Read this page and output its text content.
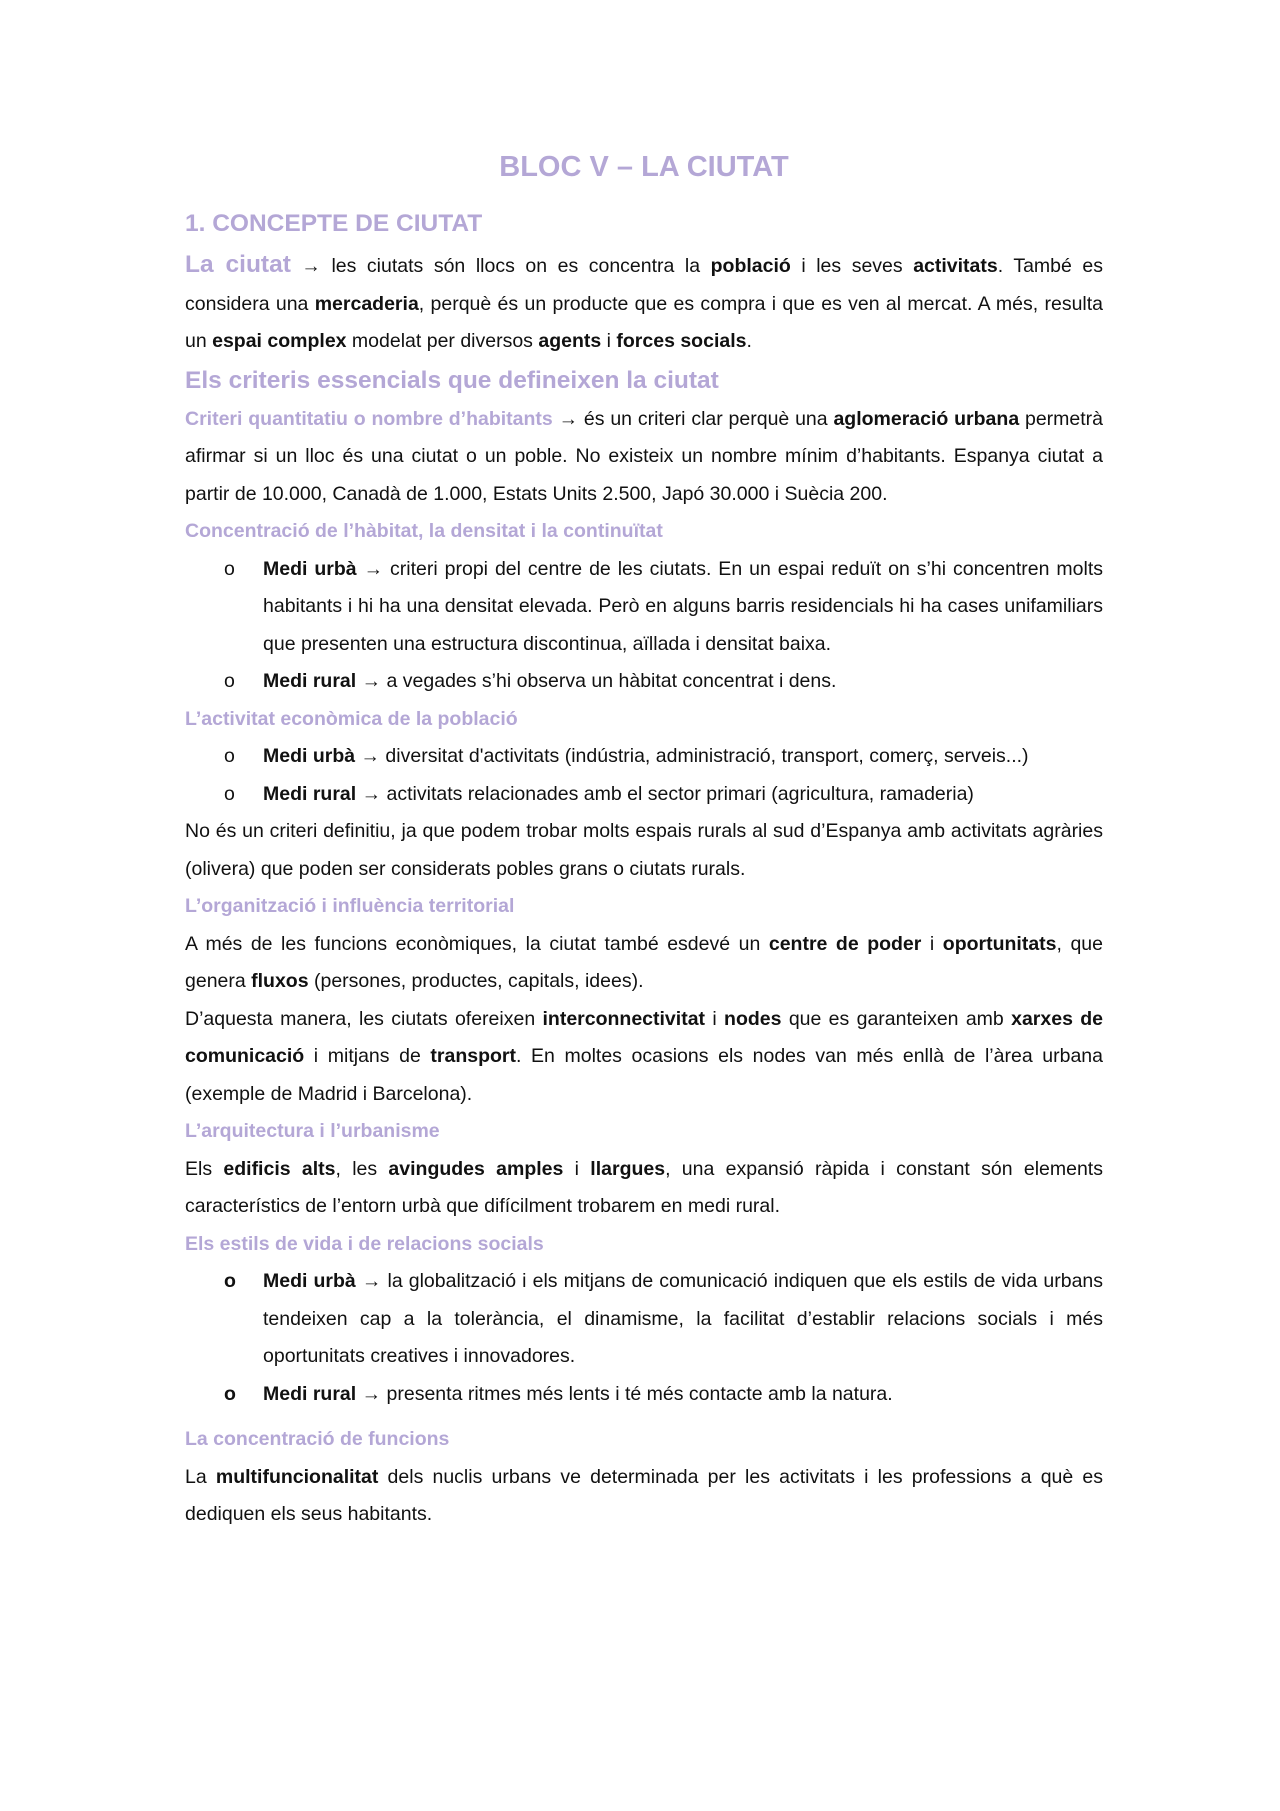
BLOC V – LA CIUTAT
1. CONCEPTE DE CIUTAT

La ciutat → les ciutats són llocs on es concentra la població i les seves activitats. També es considera una mercaderia, perquè és un producte que es compra i que es ven al mercat. A més, resulta un espai complex modelat per diversos agents i forces socials.

Els criteris essencials que defineixen la ciutat

Criteri quantitatiu o nombre d’habitants → és un criteri clar perquè una aglomeració urbana permetrà afirmar si un lloc és una ciutat o un poble. No existeix un nombre mínim d’habitants. Espanya ciutat a partir de 10.000, Canadà de 1.000, Estats Units 2.500, Japó 30.000 i Suècia 200.

Concentració de l’hàbitat, la densitat i la continuïtat
o Medi urbà → criteri propi del centre de les ciutats. En un espai reduït on s’hi concentren molts habitants i hi ha una densitat elevada. Però en alguns barris residencials hi ha cases unifamiliars que presenten una estructura discontinua, aïllada i densitat baixa.
o Medi rural → a vegades s’hi observa un hàbitat concentrat i dens.
L’activitat econòmica de la població
o Medi urbà → diversitat d'activitats (indústria, administració, transport, comerç, serveis...)
o Medi rural → activitats relacionades amb el sector primari (agricultura, ramaderia)

No és un criteri definitiu, ja que podem trobar molts espais rurals al sud d’Espanya amb activitats agràries (olivera) que poden ser considerats pobles grans o ciutats rurals.

L’organització i influència territorial

A més de les funcions econòmiques, la ciutat també esdevé un centre de poder i oportunitats, que genera fluxos (persones, productes, capitals, idees).

D’aquesta manera, les ciutats ofereixen interconnectivitat i nodes que es garanteixen amb xarxes de comunicació i mitjans de transport. En moltes ocasions els nodes van més enllà de l’àrea urbana (exemple de Madrid i Barcelona).

L’arquitectura i l’urbanisme

Els edificis alts, les avingudes amples i llargues, una expansió ràpida i constant són elements característics de l’entorn urbà que difícilment trobarem en medi rural.

Els estils de vida i de relacions socials
o Medi urbà → la globalització i els mitjans de comunicació indiquen que els estils de vida urbans tendeixen cap a la tolerància, el dinamisme, la facilitat d’establir relacions socials i més oportunitats creatives i innovadores.
o Medi rural → presenta ritmes més lents i té més contacte amb la natura.
La concentració de funcions

La multifuncionalitat dels nuclis urbans ve determinada per les activitats i les professions a què es dediquen els seus habitants.
